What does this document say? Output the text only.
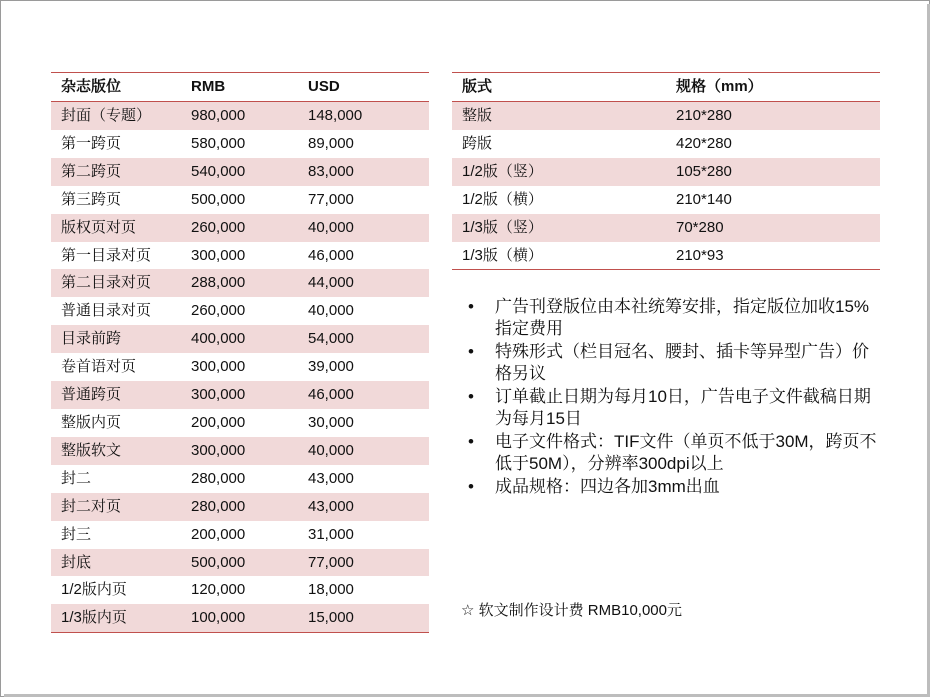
杂志版位	RMB	USD
封面（专题）	980,000	148,000
第一跨页	580,000	89,000
第二跨页	540,000	83,000
第三跨页	500,000	77,000
版权页对页	260,000	40,000
第一目录对页	300,000	46,000
第二目录对页	288,000	44,000
普通目录对页	260,000	40,000
目录前跨	400,000	54,000
卷首语对页	300,000	39,000
普通跨页	300,000	46,000
整版内页	200,000	30,000
整版软文	300,000	40,000
封二	280,000	43,000
封二对页	280,000	43,000
封三	200,000	31,000
封底	500,000	77,000
1/2版内页	120,000	18,000
1/3版内页	100,000	15,000
版式	规格（mm）
整版	210*280
跨版	420*280
1/2版（竖）	105*280
1/2版（横）	210*140
1/3版（竖）	70*280
1/3版（横）	210*93
• 广告刊登版位由本社统筹安排，指定版位加收15%指定费用
• 特殊形式（栏目冠名、腰封、插卡等异型广告）价格另议
• 订单截止日期为每月10日，广告电子文件截稿日期为每月15日
• 电子文件格式：TIF文件（单页不低于30M，跨页不低于50M），分辨率300dpi以上
• 成品规格：四边各加3mm出血
☆ 软文制作设计费 RMB10,000元
